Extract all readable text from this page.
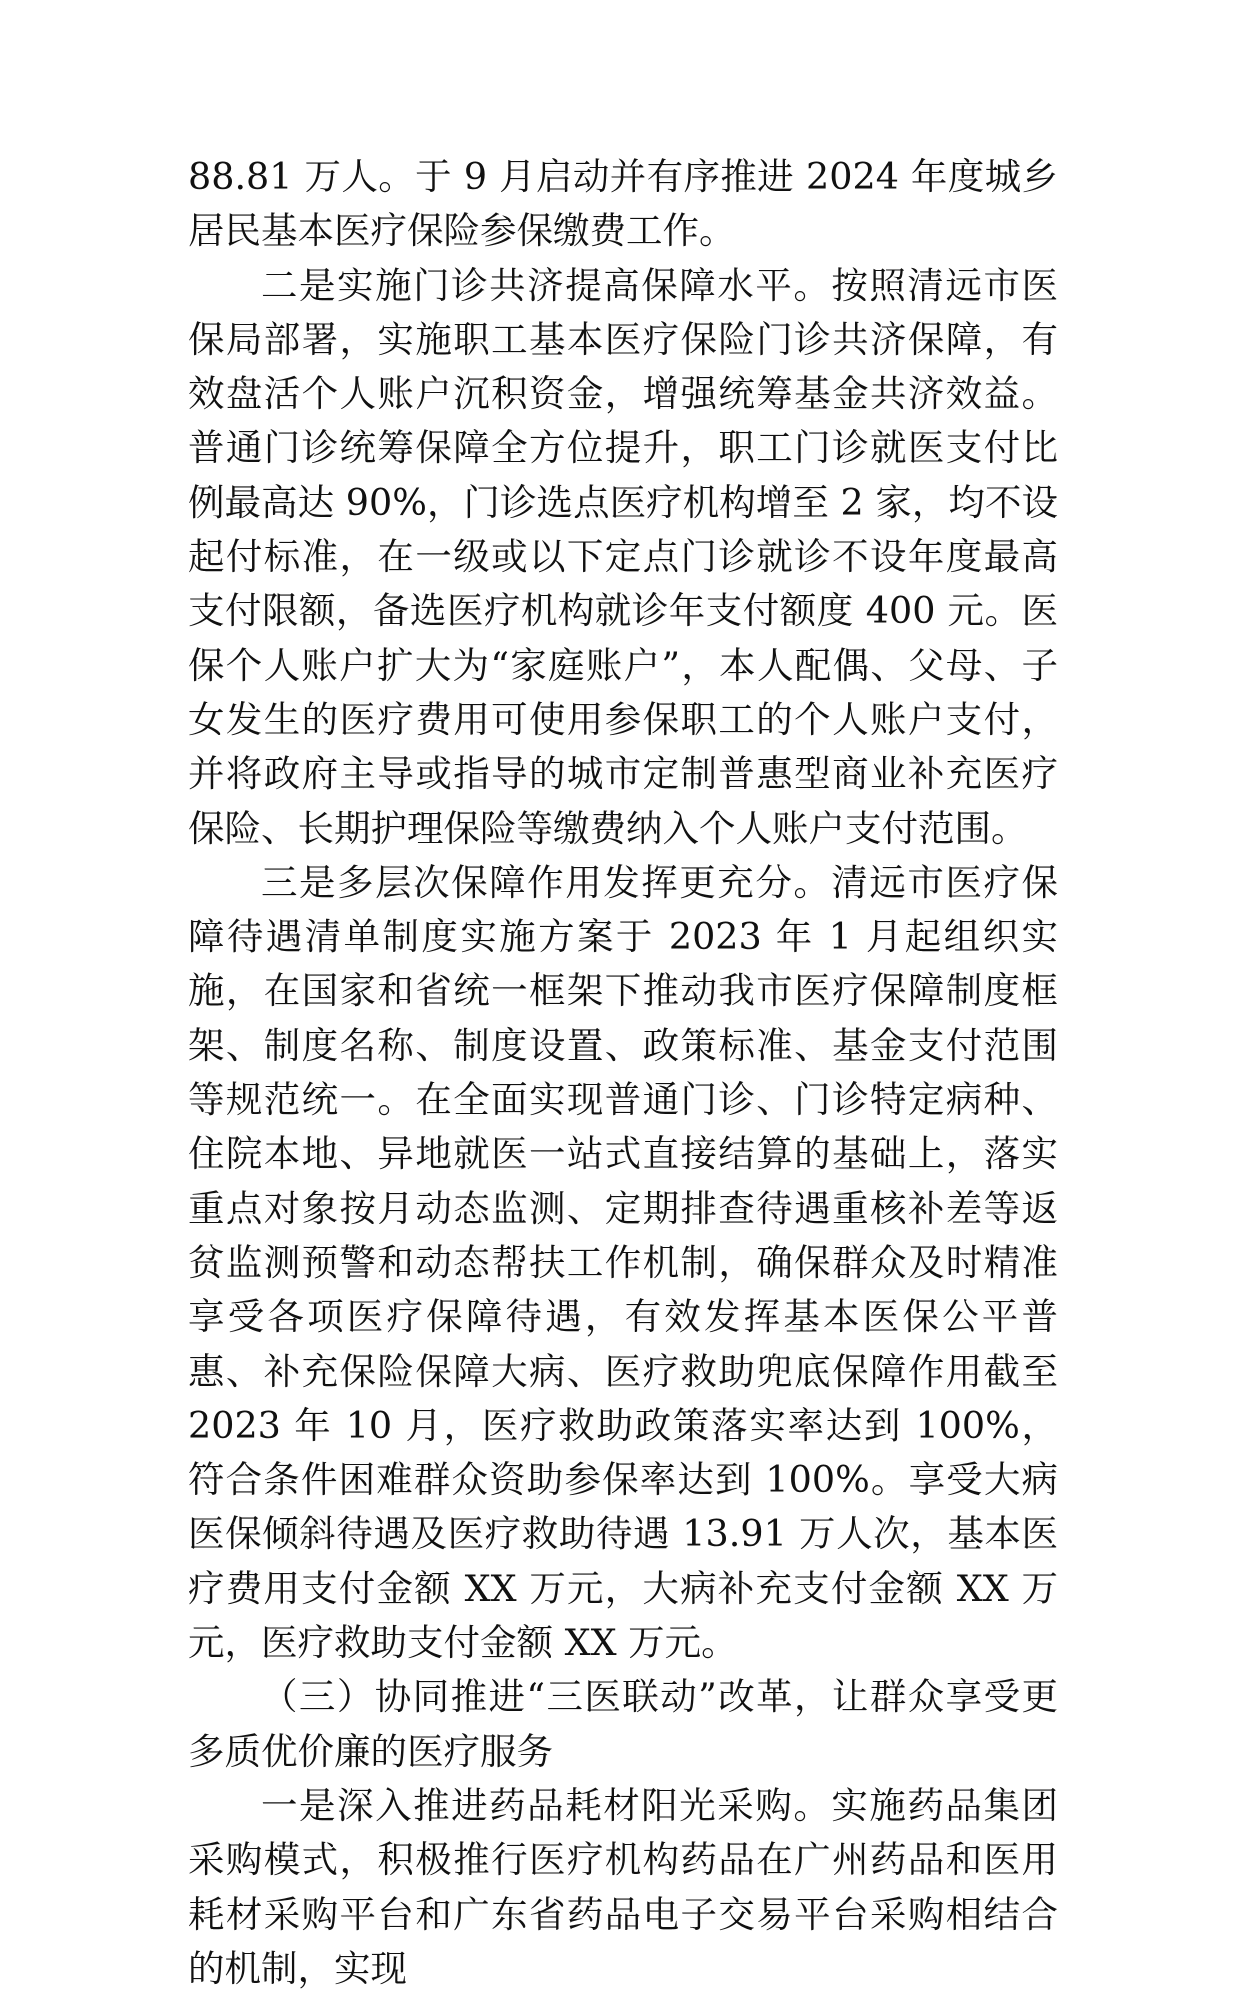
88.81 万人。于 9 月启动并有序推进 2024 年度城乡居民基本医疗保险参保缴费工作。

二是实施门诊共济提高保障水平。按照清远市医保局部署，实施职工基本医疗保险门诊共济保障，有效盘活个人账户沉积资金，增强统筹基金共济效益。普通门诊统筹保障全方位提升，职工门诊就医支付比例最高达 90%，门诊选点医疗机构增至 2 家，均不设起付标准，在一级或以下定点门诊就诊不设年度最高支付限额，备选医疗机构就诊年支付额度 400 元。医保个人账户扩大为“家庭账户”，本人配偶、父母、子女发生的医疗费用可使用参保职工的个人账户支付，并将政府主导或指导的城市定制普惠型商业补充医疗保险、长期护理保险等缴费纳入个人账户支付范围。

三是多层次保障作用发挥更充分。清远市医疗保障待遇清单制度实施方案于 2023 年 1 月起组织实施，在国家和省统一框架下推动我市医疗保障制度框架、制度名称、制度设置、政策标准、基金支付范围等规范统一。在全面实现普通门诊、门诊特定病种、住院本地、异地就医一站式直接结算的基础上，落实重点对象按月动态监测、定期排查待遇重核补差等返贫监测预警和动态帮扶工作机制，确保群众及时精准享受各项医疗保障待遇，有效发挥基本医保公平普惠、补充保险保障大病、医疗救助兜底保障作用截至 2023 年 10 月，医疗救助政策落实率达到 100%，符合条件困难群众资助参保率达到 100%。享受大病医保倾斜待遇及医疗救助待遇 13.91 万人次，基本医疗费用支付金额 XX 万元，大病补充支付金额 XX 万元，医疗救助支付金额 XX 万元。

（三）协同推进“三医联动”改革，让群众享受更多质优价廉的医疗服务

一是深入推进药品耗材阳光采购。实施药品集团采购模式，积极推行医疗机构药品在广州药品和医用耗材采购平台和广东省药品电子交易平台采购相结合的机制，实现
